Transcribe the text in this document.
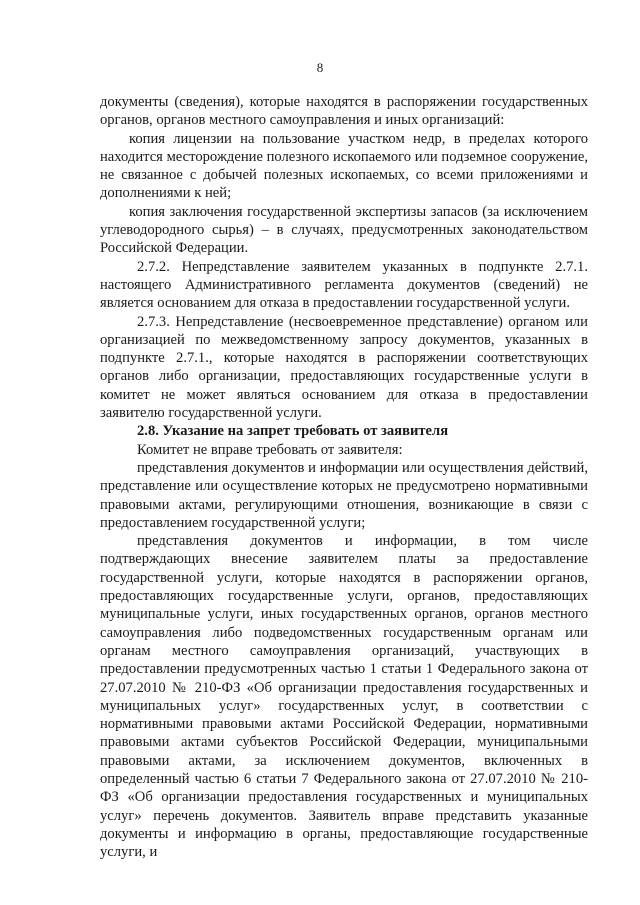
8

документы (сведения), которые находятся в распоряжении государственных органов, органов местного самоуправления и иных организаций:

копия лицензии на пользование участком недр, в пределах которого находится месторождение полезного ископаемого или подземное сооружение, не связанное с добычей полезных ископаемых, со всеми приложениями и дополнениями к ней;

копия заключения государственной экспертизы запасов (за исключением углеводородного сырья) – в случаях, предусмотренных законодательством Российской Федерации.

2.7.2. Непредставление заявителем указанных в подпункте 2.7.1. настоящего Административного регламента документов (сведений) не является основанием для отказа в предоставлении государственной услуги.

2.7.3. Непредставление (несвоевременное представление) органом или организацией по межведомственному запросу документов, указанных в подпункте 2.7.1., которые находятся в распоряжении соответствующих органов либо организации, предоставляющих государственные услуги в комитет не может являться основанием для отказа в предоставлении заявителю государственной услуги.

2.8. Указание на запрет требовать от заявителя

Комитет не вправе требовать от заявителя:

представления документов и информации или осуществления действий, представление или осуществление которых не предусмотрено нормативными правовыми актами, регулирующими отношения, возникающие в связи с предоставлением государственной услуги;

представления документов и информации, в том числе подтверждающих внесение заявителем платы за предоставление государственной услуги, которые находятся в распоряжении органов, предоставляющих государственные услуги, органов, предоставляющих муниципальные услуги, иных государственных органов, органов местного самоуправления либо подведомственных государственным органам или органам местного самоуправления организаций, участвующих в предоставлении предусмотренных частью 1 статьи 1 Федерального закона от 27.07.2010 № 210-ФЗ «Об организации предоставления государственных и муниципальных услуг» государственных услуг, в соответствии с нормативными правовыми актами Российской Федерации, нормативными правовыми актами субъектов Российской Федерации, муниципальными правовыми актами, за исключением документов, включенных в определенный частью 6 статьи 7 Федерального закона от 27.07.2010 № 210-ФЗ «Об организации предоставления государственных и муниципальных услуг» перечень документов. Заявитель вправе представить указанные документы и информацию в органы, предоставляющие государственные услуги, и
